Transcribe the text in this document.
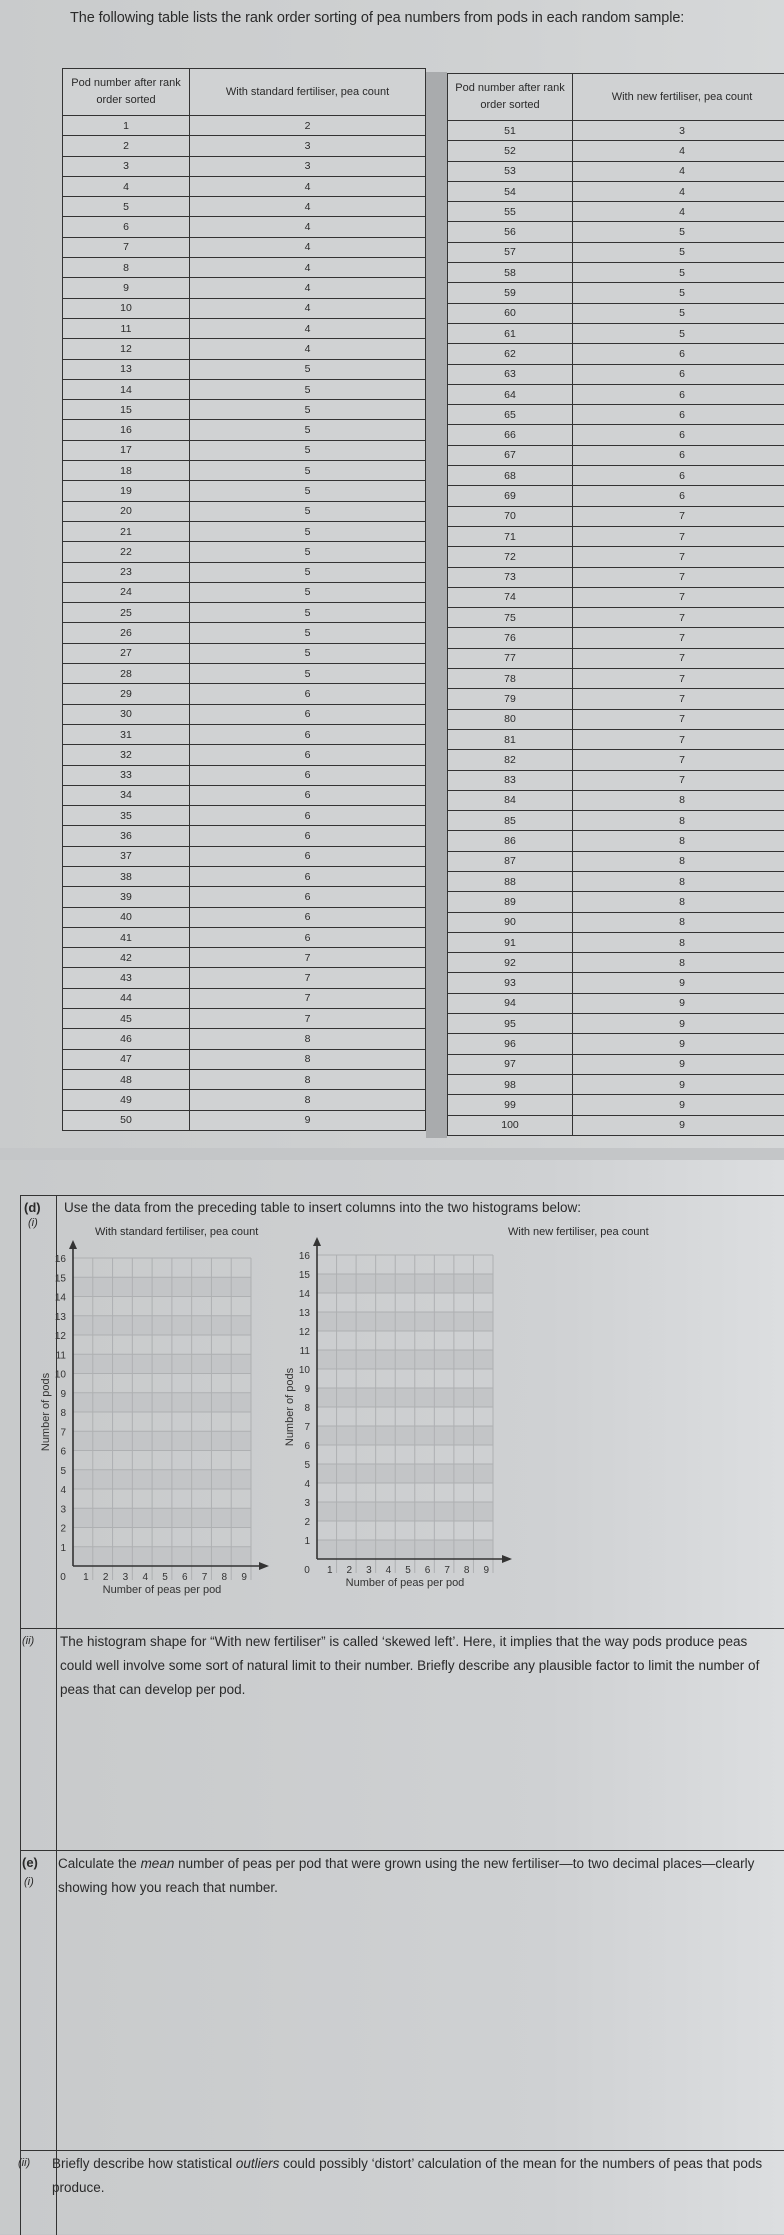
The following table lists the rank order sorting of pea numbers from pods in each random sample:
Pod number after rank order sorted	With standard fertiliser, pea count
1	2
2	3
3	3
4	4
5	4
6	4
7	4
8	4
9	4
10	4
11	4
12	4
13	5
14	5
15	5
16	5
17	5
18	5
19	5
20	5
21	5
22	5
23	5
24	5
25	5
26	5
27	5
28	5
29	6
30	6
31	6
32	6
33	6
34	6
35	6
36	6
37	6
38	6
39	6
40	6
41	6
42	7
43	7
44	7
45	7
46	8
47	8
48	8
49	8
50	9
Pod number after rank order sorted	With new fertiliser, pea count
51	3
52	4
53	4
54	4
55	4
56	5
57	5
58	5
59	5
60	5
61	5
62	6
63	6
64	6
65	6
66	6
67	6
68	6
69	6
70	7
71	7
72	7
73	7
74	7
75	7
76	7
77	7
78	7
79	7
80	7
81	7
82	7
83	7
84	8
85	8
86	8
87	8
88	8
89	8
90	8
91	8
92	8
93	9
94	9
95	9
96	9
97	9
98	9
99	9
100	9
(d)
(i)
Use the data from the preceding table to insert columns into the two histograms below:
With standard fertiliser, pea count	With new fertiliser, pea count
1
2
3
4
5
6
7
8
9
10
11
12
13
14
15
16
0 1 2 3 4 5 6 7 8 9
Number of peas per pod
Number of pods
1
2
3
4
5
6
7
8
9
10
11
12
13
14
15
16
0 1 2 3 4 5 6 7 8 9
Number of peas per pod
Number of pods
(ii) The histogram shape for “With new fertiliser” is called ‘skewed left’. Here, it implies that the way pods produce peas could well involve some sort of natural limit to their number. Briefly describe any plausible factor to limit the number of peas that can develop per pod.
(e)
(i)
Calculate the mean number of peas per pod that were grown using the new fertiliser—to two decimal places—clearly showing how you reach that number.
(ii) Briefly describe how statistical outliers could possibly ‘distort’ calculation of the mean for the numbers of peas that pods produce.
